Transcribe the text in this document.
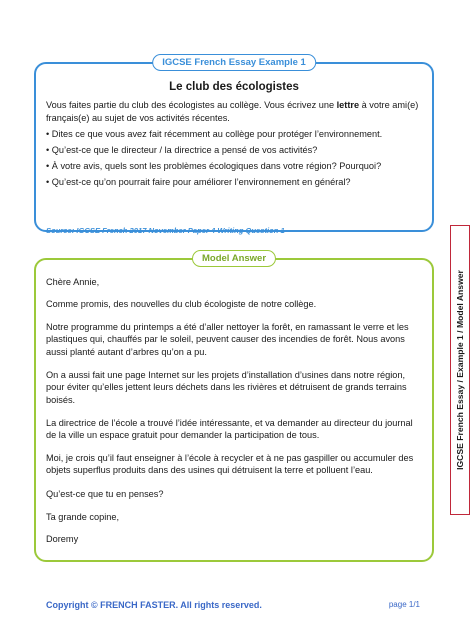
IGCSE French Essay Example 1
Le club des écologistes
Vous faites partie du club des écologistes au collège. Vous écrivez une lettre à votre ami(e) français(e) au sujet de vos activités récentes.
• Dites ce que vous avez fait récemment au collège pour protéger l’environnement.
• Qu’est-ce que le directeur / la directrice a pensé de vos activités?
• À votre avis, quels sont les problèmes écologiques dans votre région? Pourquoi?
• Qu’est-ce qu’on pourrait faire pour améliorer l’environnement en général?
Source: IGCSE French 2017 November Paper 4 Writing Question 1
Model Answer

Chère Annie,

Comme promis, des nouvelles du club écologiste de notre collège.

Notre programme du printemps a été d’aller nettoyer la forêt, en ramassant le verre et les plastiques qui, chauffés par le soleil, peuvent causer des incendies de forêt. Nous avons aussi planté autant d’arbres qu’on a pu.

On a aussi fait une page Internet sur les projets d’installation d’usines dans notre région, pour éviter qu’elles jettent leurs déchets dans les rivières et détruisent de grands terrains boisés.

La directrice de l’école a trouvé l’idée intéressante, et va demander au directeur du journal de la ville un espace gratuit pour demander la participation de tous.

Moi, je crois qu’il faut enseigner à l’école à recycler et à ne pas gaspiller ou accumuler des objets superflus produits dans des usines qui détruisent la terre et polluent l’eau.

Qu’est-ce que tu en penses?

Ta grande copine,

Doremy

IGCSE French Essay / Example 1 / Model Answer
Copyright © FRENCH FASTER. All rights reserved.	page 1/1
